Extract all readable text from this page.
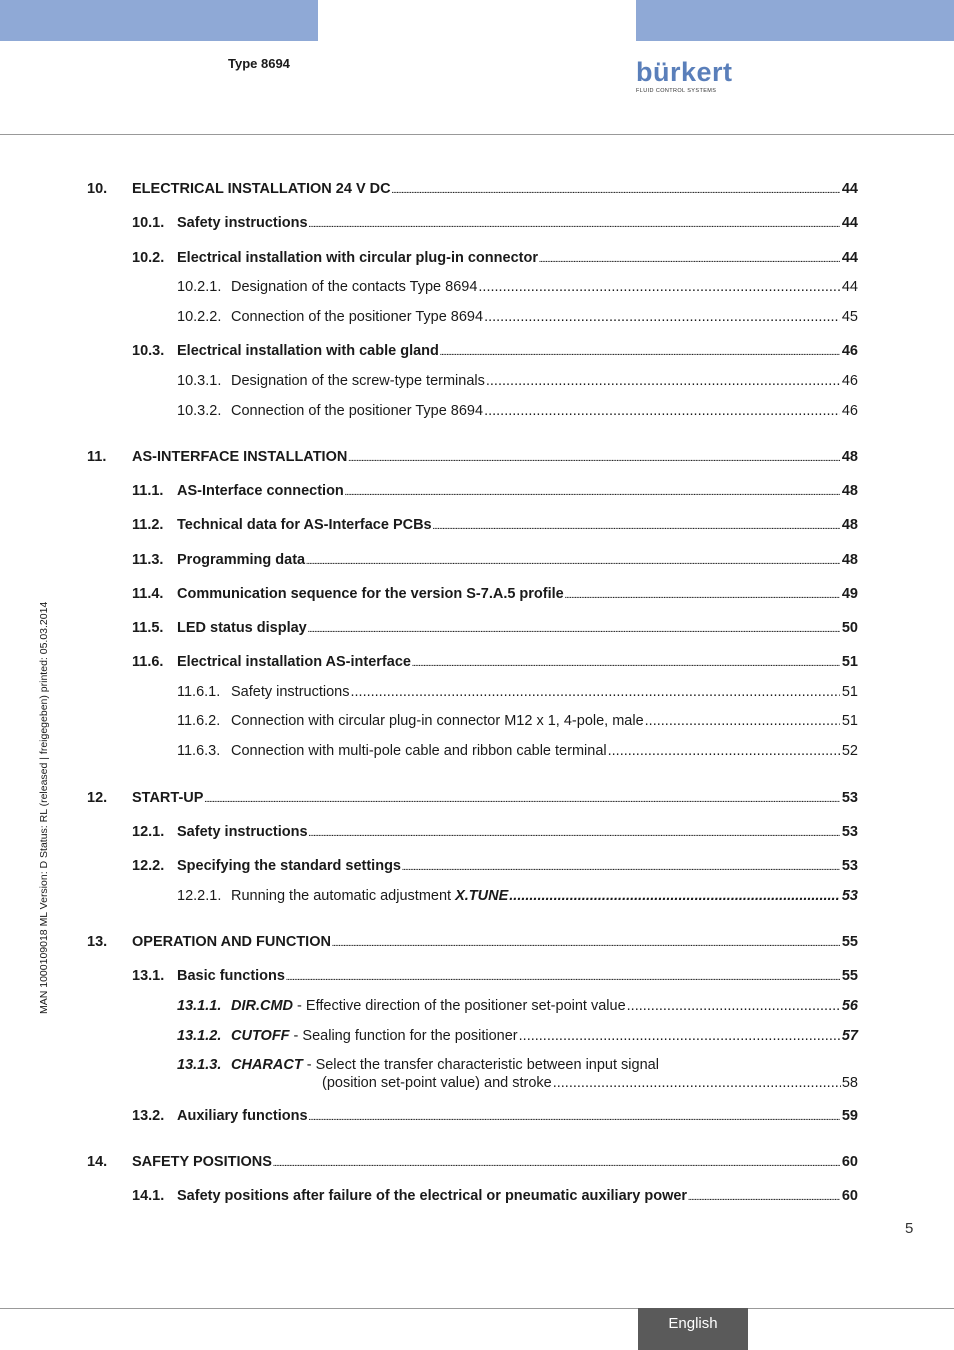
Type 8694	bürkert
FLUID CONTROL SYSTEMS
MAN 1000109018 ML Version: D Status: RL (released | freigegeben) printed: 05.03.2014
10. ELECTRICAL INSTALLATION 24 V DC .....	44
10.1. Safety instructions .....	44
10.2. Electrical installation with circular plug-in connector .....	44
10.2.1. Designation of the contacts Type 8694 .....	44
10.2.2. Connection of the positioner Type 8694 .....	45
10.3. Electrical installation with cable gland .....	46
10.3.1. Designation of the screw-type terminals .....	46
10.3.2. Connection of the positioner Type 8694 .....	46
11. AS-INTERFACE INSTALLATION .....	48
11.1. AS-Interface connection .....	48
11.2. Technical data for AS-Interface PCBs .....	48
11.3. Programming data .....	48
11.4. Communication sequence for the version S-7.A.5 profile .....	49
11.5. LED status display .....	50
11.6. Electrical installation AS-interface .....	51
11.6.1. Safety instructions .....	51
11.6.2. Connection with circular plug-in connector M12 x 1, 4-pole, male .....	51
11.6.3. Connection with multi-pole cable and ribbon cable terminal .....	52
12. START-UP .....	53
12.1. Safety instructions .....	53
12.2. Specifying the standard settings .....	53
12.2.1. Running the automatic adjustment X.TUNE .....	53
13. OPERATION AND FUNCTION .....	55
13.1. Basic functions .....	55
13.1.1. DIR.CMD - Effective direction of the positioner set-point value .....	56
13.1.2. CUTOFF - Sealing function for the positioner .....	57
13.1.3. CHARACT - Select the transfer characteristic between input signal
(position set-point value) and stroke .....	58
13.2. Auxiliary functions .....	59
14. SAFETY POSITIONS .....	60
14.1. Safety positions after failure of the electrical or pneumatic auxiliary power .....	60
5
English
